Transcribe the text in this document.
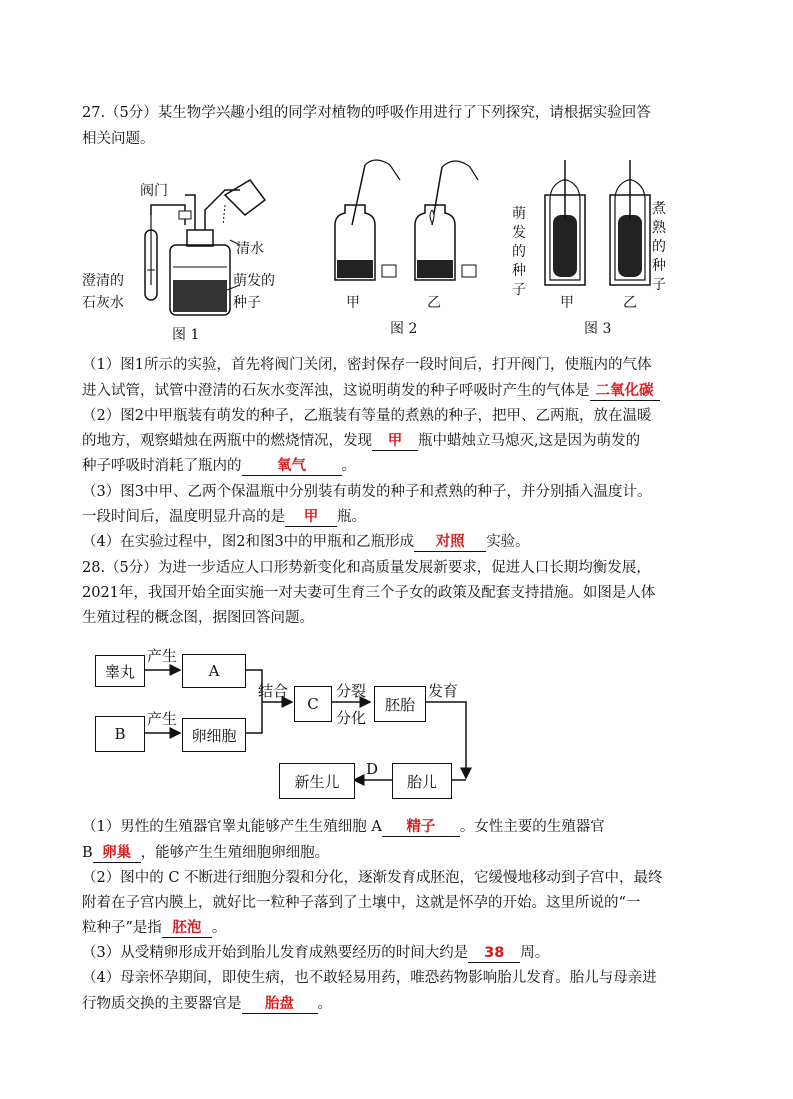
27.（5分）某生物学兴趣小组的同学对植物的呼吸作用进行了下列探究，请根据实验回答
相关问题。
阀门
清水
澄清的
石灰水
萌发的
种子
图 1
甲	乙
图 2
萌
发
的
种
子
煮
熟
的
种
子
甲	乙
图 3
（1）图1所示的实验，首先将阀门关闭，密封保存一段时间后，打开阀门，使瓶内的气体
进入试管，试管中澄清的石灰水变浑浊，这说明萌发的种子呼吸时产生的气体是 二氧化碳
（2）图2中甲瓶装有萌发的种子，乙瓶装有等量的煮熟的种子，把甲、乙两瓶，放在温暖
的地方，观察蜡烛在两瓶中的燃烧情况，发现 甲 瓶中蜡烛立马熄灭,这是因为萌发的
种子呼吸时消耗了瓶内的 氧气 。
（3）图3中甲、乙两个保温瓶中分别装有萌发的种子和煮熟的种子，并分别插入温度计。
一段时间后，温度明显升高的是 甲 瓶。
（4）在实验过程中，图2和图3中的甲瓶和乙瓶形成 对照 实验。
28.（5分）为进一步适应人口形势新变化和高质量发展新要求，促进人口长期均衡发展，
2021年，我国开始全面实施一对夫妻可生育三个子女的政策及配套支持措施。如图是人体
生殖过程的概念图，据图回答问题。
睾丸
产生
A
B
产生
卵细胞
结合
C
分裂
分化
胚胎
发育
胎儿
D
新生儿
（1）男性的生殖器官睾丸能够产生生殖细胞 A 精子 。女性主要的生殖器官
B 卵巢 ，能够产生生殖细胞卵细胞。
（2）图中的 C 不断进行细胞分裂和分化，逐渐发育成胚泡，它缓慢地移动到子宫中，最终
附着在子宫内膜上，就好比一粒种子落到了土壤中，这就是怀孕的开始。这里所说的“一
粒种子”是指 胚泡 。
（3）从受精卵形成开始到胎儿发育成熟要经历的时间大约是 38 周。
（4）母亲怀孕期间，即使生病，也不敢轻易用药，唯恐药物影响胎儿发育。胎儿与母亲进
行物质交换的主要器官是 胎盘 。
